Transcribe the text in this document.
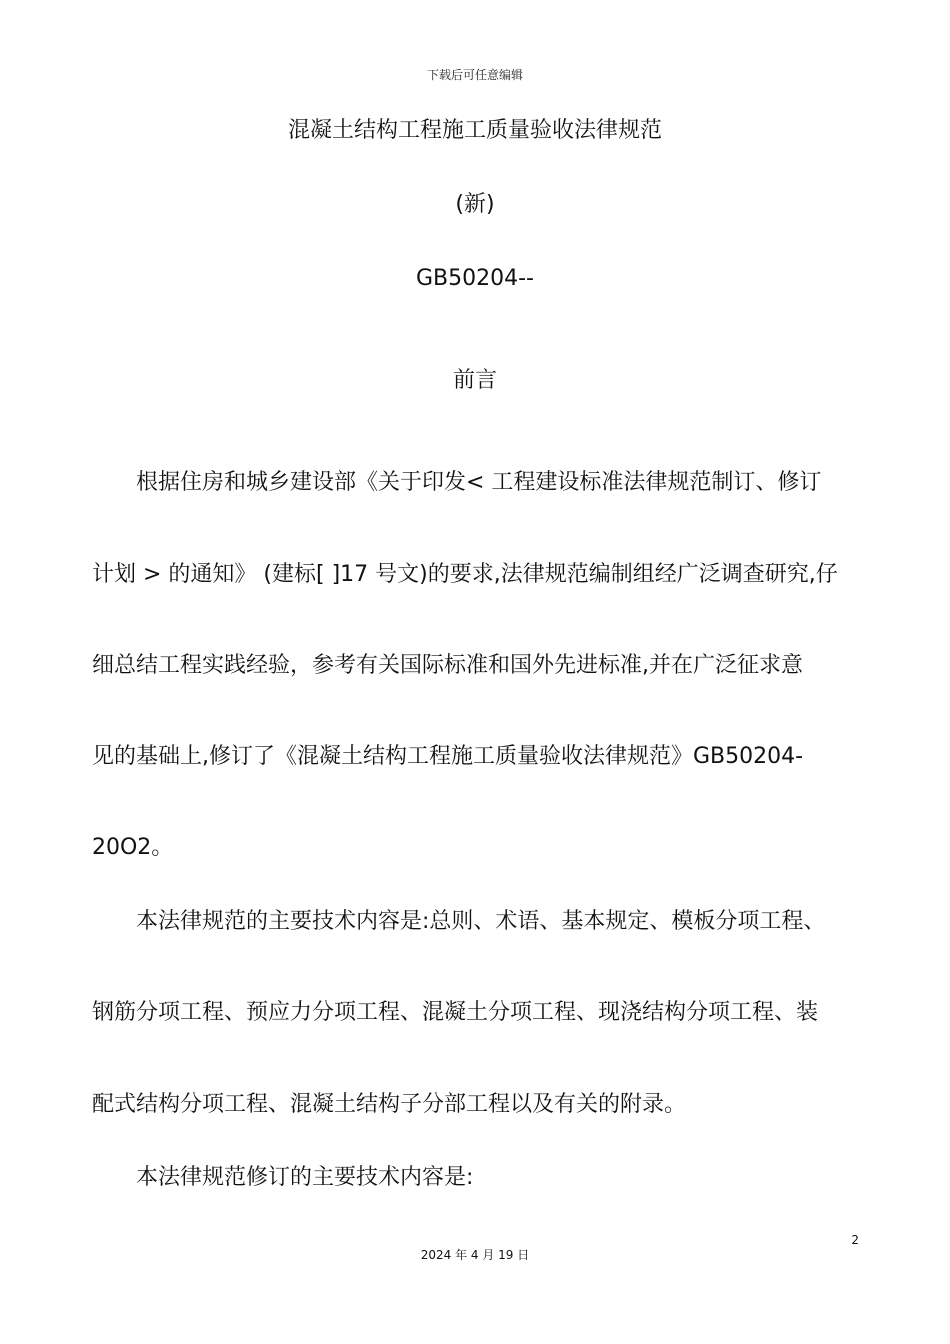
下载后可任意编辑
混凝土结构工程施工质量验收法律规范
(新)
GB50204--
前言
根据住房和城乡建设部《关于印发< 工程建设标准法律规范制订、修订
计划 > 的通知》 (建标[ ]17 号文)的要求,法律规范编制组经广泛调查研究,仔
细总结工程实践经验，参考有关国际标准和国外先进标准,并在广泛征求意
见的基础上,修订了《混凝土结构工程施工质量验收法律规范》GB50204-
20O2。
本法律规范的主要技术内容是:总则、术语、基本规定、模板分项工程、
钢筋分项工程、预应力分项工程、混凝土分项工程、现浇结构分项工程、装
配式结构分项工程、混凝土结构子分部工程以及有关的附录。
本法律规范修订的主要技术内容是:
2
2024 年 4 月 19 日
